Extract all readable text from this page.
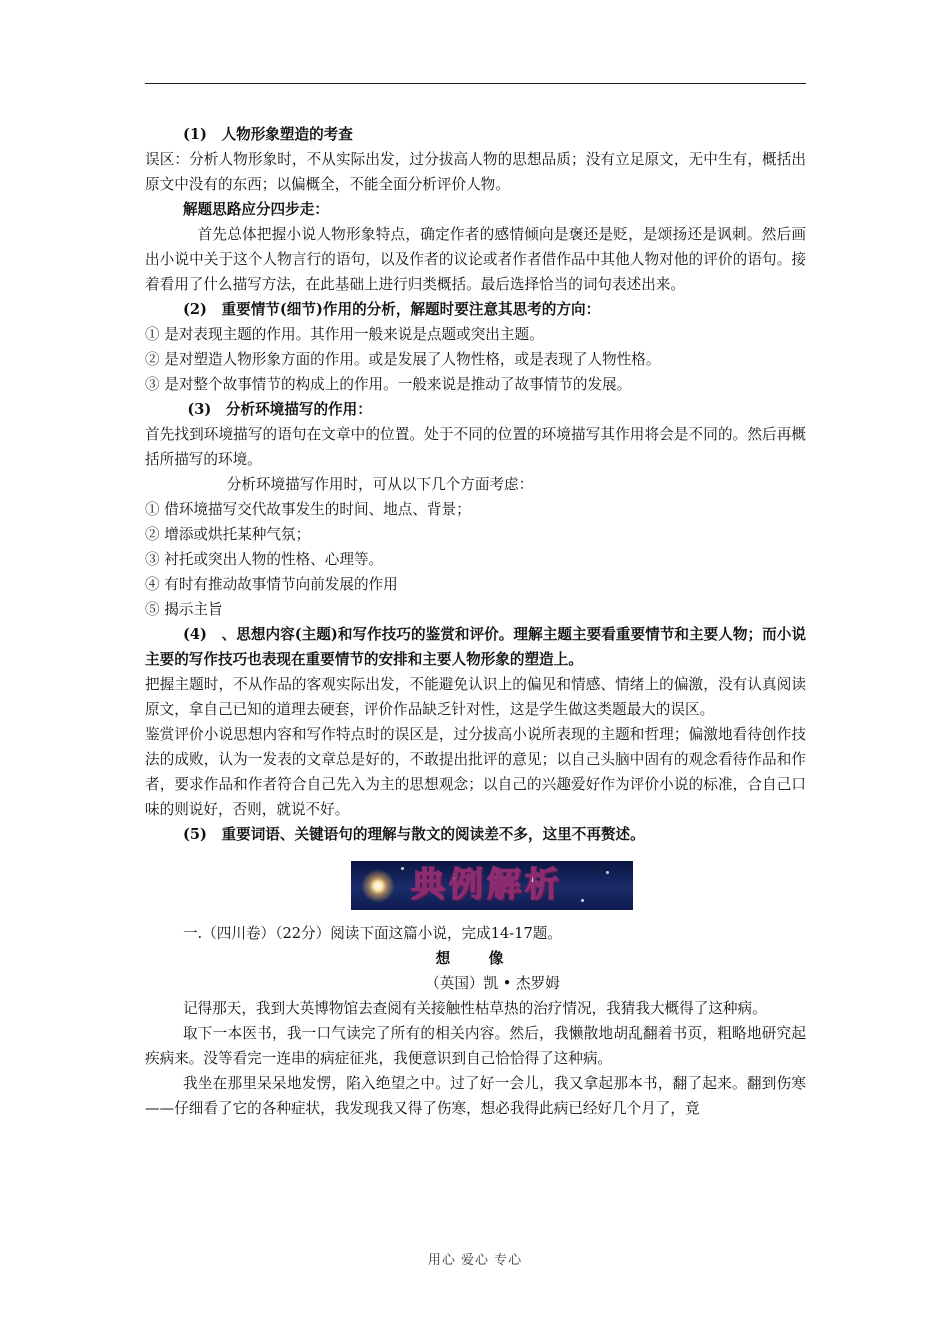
(1)　人物形象塑造的考查

误区：分析人物形象时，不从实际出发，过分拔高人物的思想品质；没有立足原文，无中生有，概括出原文中没有的东西；以偏概全，不能全面分析评价人物。

解题思路应分四步走：

首先总体把握小说人物形象特点，确定作者的感情倾向是褒还是贬，是颂扬还是讽刺。然后画出小说中关于这个人物言行的语句，以及作者的议论或者作者借作品中其他人物对他的评价的语句。接着看用了什么描写方法，在此基础上进行归类概括。最后选择恰当的词句表述出来。

(2)　重要情节(细节)作用的分析，解题时要注意其思考的方向：

① 是对表现主题的作用。其作用一般来说是点题或突出主题。

② 是对塑造人物形象方面的作用。或是发展了人物性格，或是表现了人物性格。

③ 是对整个故事情节的构成上的作用。一般来说是推动了故事情节的发展。

(3)　分析环境描写的作用：

首先找到环境描写的语句在文章中的位置。处于不同的位置的环境描写其作用将会是不同的。然后再概括所描写的环境。

分析环境描写作用时，可从以下几个方面考虑：

① 借环境描写交代故事发生的时间、地点、背景；

② 增添或烘托某种气氛；

③ 衬托或突出人物的性格、心理等。

④ 有时有推动故事情节向前发展的作用

⑤ 揭示主旨

(4)　、思想内容(主题)和写作技巧的鉴赏和评价。理解主题主要看重要情节和主要人物；而小说主要的写作技巧也表现在重要情节的安排和主要人物形象的塑造上。

把握主题时，不从作品的客观实际出发，不能避免认识上的偏见和情感、情绪上的偏激，没有认真阅读原文，拿自己已知的道理去硬套，评价作品缺乏针对性，这是学生做这类题最大的误区。

鉴赏评价小说思想内容和写作特点时的误区是，过分拔高小说所表现的主题和哲理；偏激地看待创作技法的成败，认为一发表的文章总是好的，不敢提出批评的意见；以自己头脑中固有的观念看待作品和作者，要求作品和作者符合自己先入为主的思想观念；以自己的兴趣爱好作为评价小说的标准，合自己口味的则说好，否则，就说不好。

(5)　重要词语、关键语句的理解与散文的阅读差不多，这里不再赘述。

典例解析

一.（四川卷）（22分）阅读下面这篇小说，完成14-17题。

想　像

（英国）凯 • 杰罗姆

记得那天，我到大英博物馆去查阅有关接触性枯草热的治疗情况，我猜我大概得了这种病。

取下一本医书，我一口气读完了所有的相关内容。然后，我懒散地胡乱翻着书页，粗略地研究起疾病来。没等看完一连串的病症征兆，我便意识到自己恰恰得了这种病。

我坐在那里呆呆地发愣，陷入绝望之中。过了好一会儿，我又拿起那本书，翻了起来。翻到伤寒——仔细看了它的各种症状，我发现我又得了伤寒，想必我得此病已经好几个月了，竟

用心 爱心 专心
